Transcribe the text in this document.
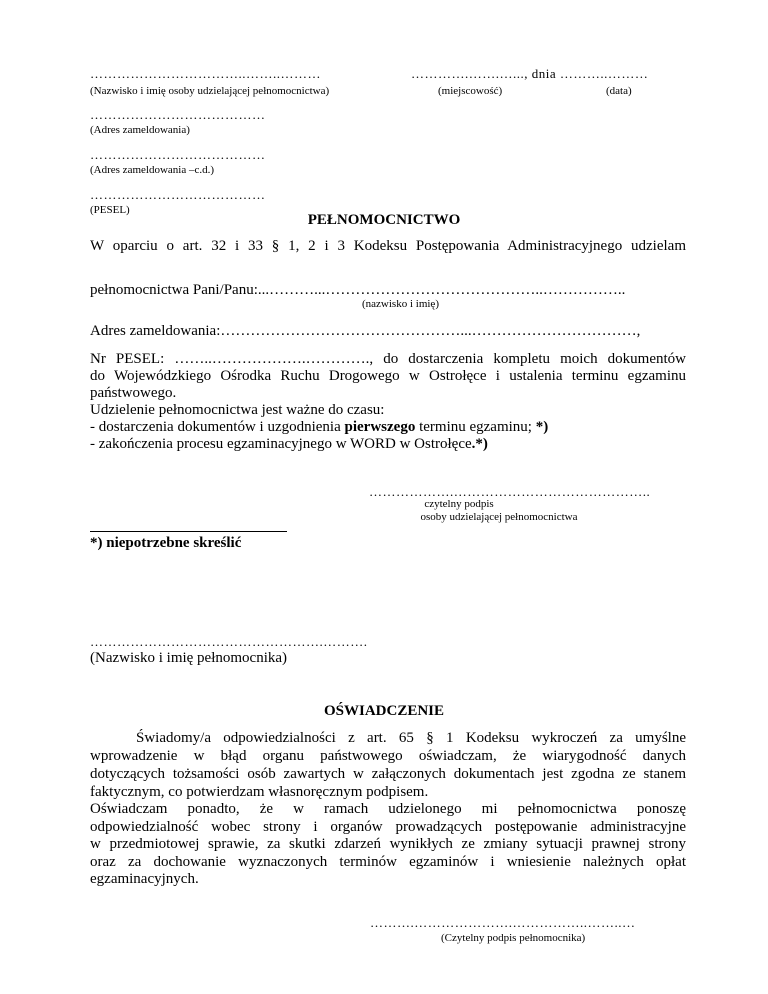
……………………………..……..………
(Nazwisko i imię osoby udzielającej pełnomocnictwa)
………….…….…..., dnia ………..………
(miejscowość)	(data)
…………………………………
(Adres zameldowania)
…………………………………
(Adres zameldowania –c.d.)
…………………………………
(PESEL)
PEŁNOMOCNICTWO
W oparciu o art. 32 i 33 § 1, 2 i 3 Kodeksu Postępowania Administracyjnego udzielam
pełnomocnictwa Pani/Panu:...………...……………………………………..……………..
(nazwisko i imię)
Adres zameldowania:…………………………………………...……………………………,
Nr PESEL: ……..……………….…………., do dostarczenia kompletu moich dokumentów
do Wojewódzkiego Ośrodka Ruchu Drogowego w Ostrołęce i ustalenia terminu egzaminu
państwowego.
Udzielenie pełnomocnictwa jest ważne do czasu:
- dostarczenia dokumentów i uzgodnienia pierwszego terminu egzaminu; *)
- zakończenia procesu egzaminacyjnego w WORD w Ostrołęce.*)
……………….……………………………………..
czytelny podpis
osoby udzielającej pełnomocnictwa
*) niepotrzebne skreślić
…………………………………………….……….
(Nazwisko i imię pełnomocnika)
OŚWIADCZENIE
Świadomy/a odpowiedzialności z art. 65 § 1 Kodeksu wykroczeń za umyślne
wprowadzenie w błąd organu państwowego oświadczam, że wiarygodność danych
dotyczących tożsamości osób zawartych w załączonych dokumentach jest zgodna ze stanem
faktycznym, co potwierdzam własnoręcznym podpisem.
Oświadczam ponadto, że w ramach udzielonego mi pełnomocnictwa ponoszę
odpowiedzialność wobec strony i organów prowadzących postępowanie administracyjne
w przedmiotowej sprawie, za skutki zdarzeń wynikłych ze zmiany sytuacji prawnej strony
oraz za dochowanie wyznaczonych terminów egzaminów i wniesienie należnych opłat
egzaminacyjnych.
……….………………….……………..……..…
(Czytelny podpis pełnomocnika)
